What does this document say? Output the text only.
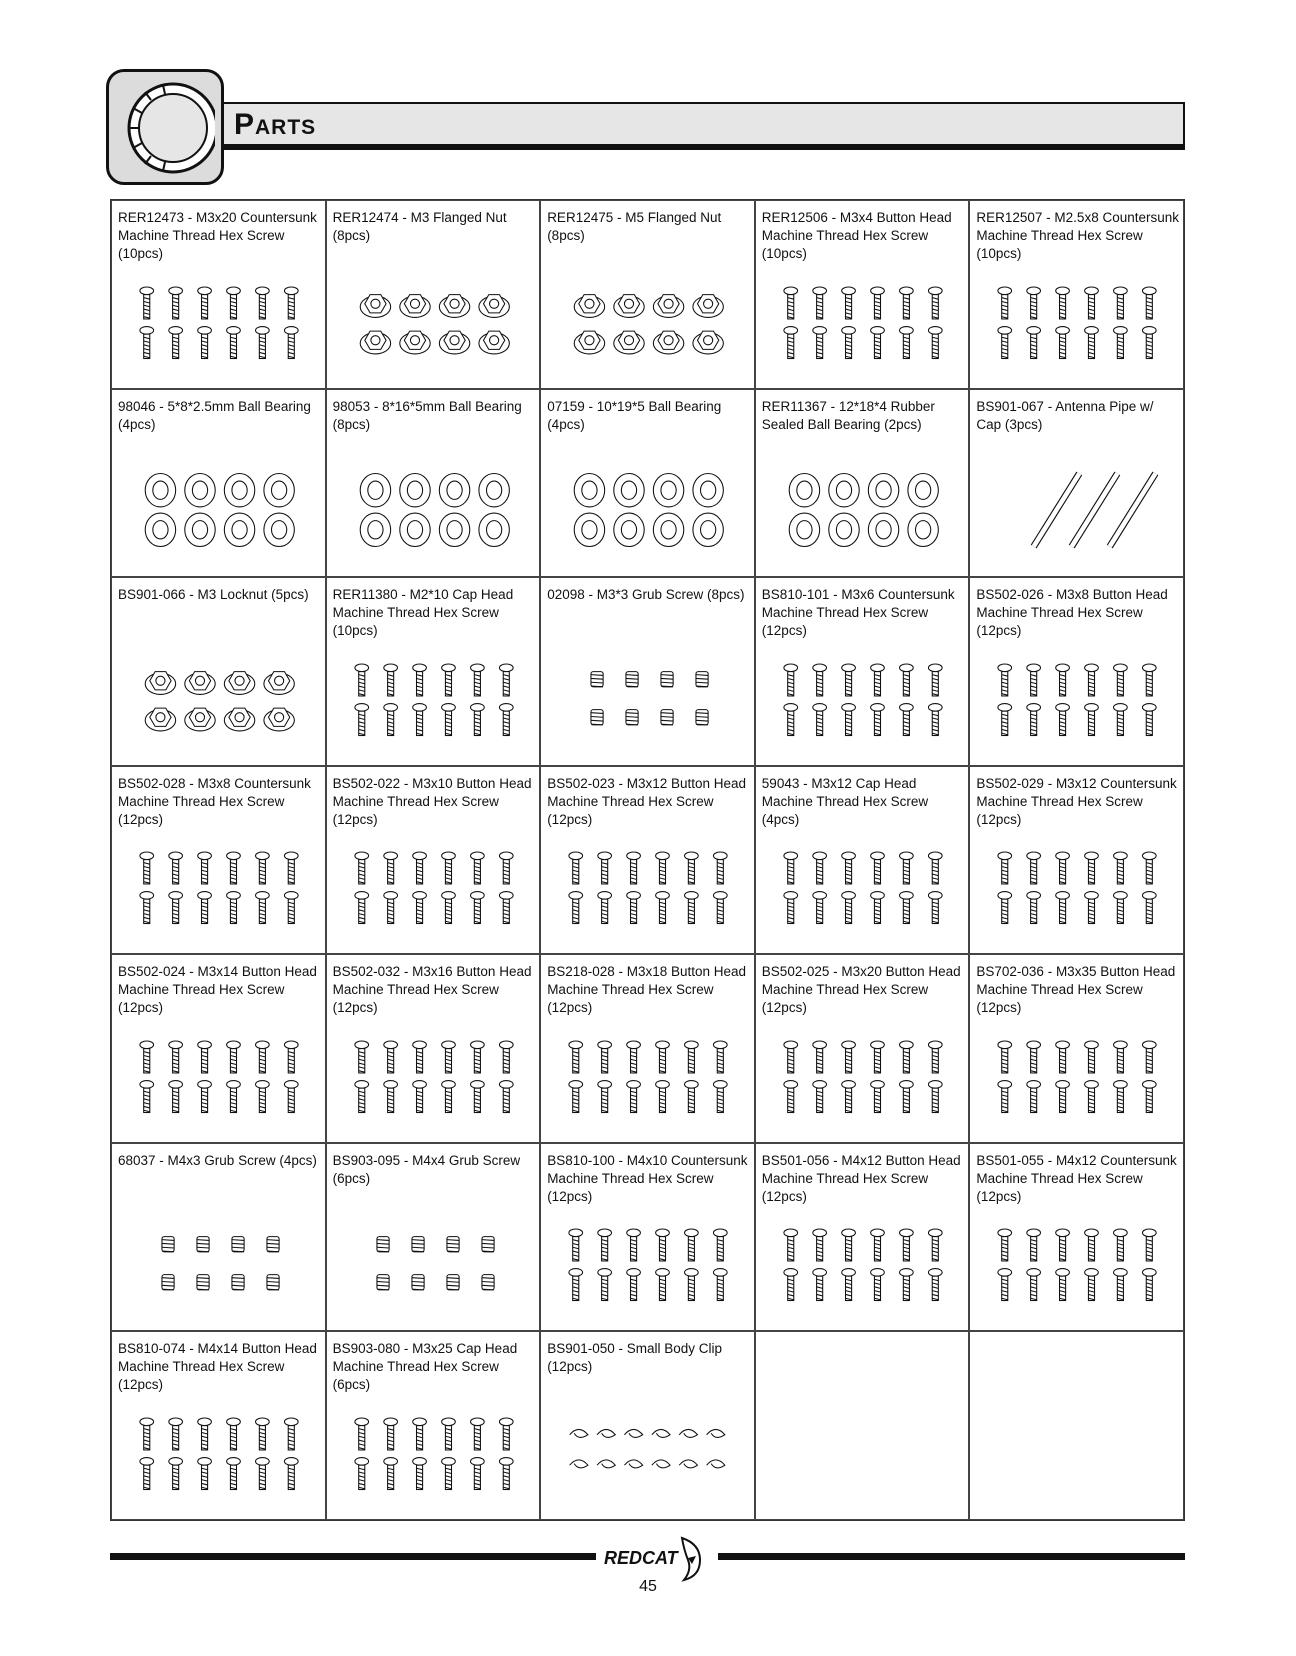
Parts
RER12473 - M3x20 Countersunk Machine Thread Hex Screw (10pcs)
RER12474 - M3 Flanged Nut (8pcs)
RER12475 - M5 Flanged Nut (8pcs)
RER12506 - M3x4 Button Head Machine Thread Hex Screw (10pcs)
RER12507 - M2.5x8 Countersunk Machine Thread Hex Screw (10pcs)
98046 - 5*8*2.5mm Ball Bearing (4pcs)
98053 - 8*16*5mm Ball Bearing (8pcs)
07159 - 10*19*5 Ball Bearing (4pcs)
RER11367 - 12*18*4 Rubber Sealed Ball Bearing (2pcs)
BS901-067 - Antenna Pipe w/ Cap (3pcs)
BS901-066 - M3 Locknut (5pcs)	RER11380 - M2*10 Cap Head Machine Thread Hex Screw (10pcs)
02098 - M3*3 Grub Screw (8pcs)	BS810-101 - M3x6 Countersunk Machine Thread Hex Screw (12pcs)
BS502-026 - M3x8 Button Head Machine Thread Hex Screw (12pcs)
BS502-028 - M3x8 Countersunk Machine Thread Hex Screw (12pcs)
BS502-022 - M3x10 Button Head Machine Thread Hex Screw (12pcs)
BS502-023 - M3x12 Button Head Machine Thread Hex Screw (12pcs)
59043 - M3x12 Cap Head Machine Thread Hex Screw (4pcs)
BS502-029 - M3x12 Countersunk Machine Thread Hex Screw (12pcs)
BS502-024 - M3x14 Button Head Machine Thread Hex Screw (12pcs)
BS502-032 - M3x16 Button Head Machine Thread Hex Screw (12pcs)
BS218-028 - M3x18 Button Head Machine Thread Hex Screw (12pcs)
BS502-025 - M3x20 Button Head Machine Thread Hex Screw (12pcs)
BS702-036 - M3x35 Button Head Machine Thread Hex Screw (12pcs)
68037 - M4x3 Grub Screw (4pcs) BS903-095 - M4x4 Grub Screw (6pcs)
BS810-100 - M4x10 Countersunk Machine Thread Hex Screw (12pcs)
BS501-056 - M4x12 Button Head Machine Thread Hex Screw (12pcs)
BS501-055 - M4x12 Countersunk Machine Thread Hex Screw (12pcs)
BS810-074 - M4x14 Button Head Machine Thread Hex Screw (12pcs)
BS903-080 - M3x25 Cap Head Machine Thread Hex Screw (6pcs)
BS901-050 - Small Body Clip (12pcs)
REDCAT
45
